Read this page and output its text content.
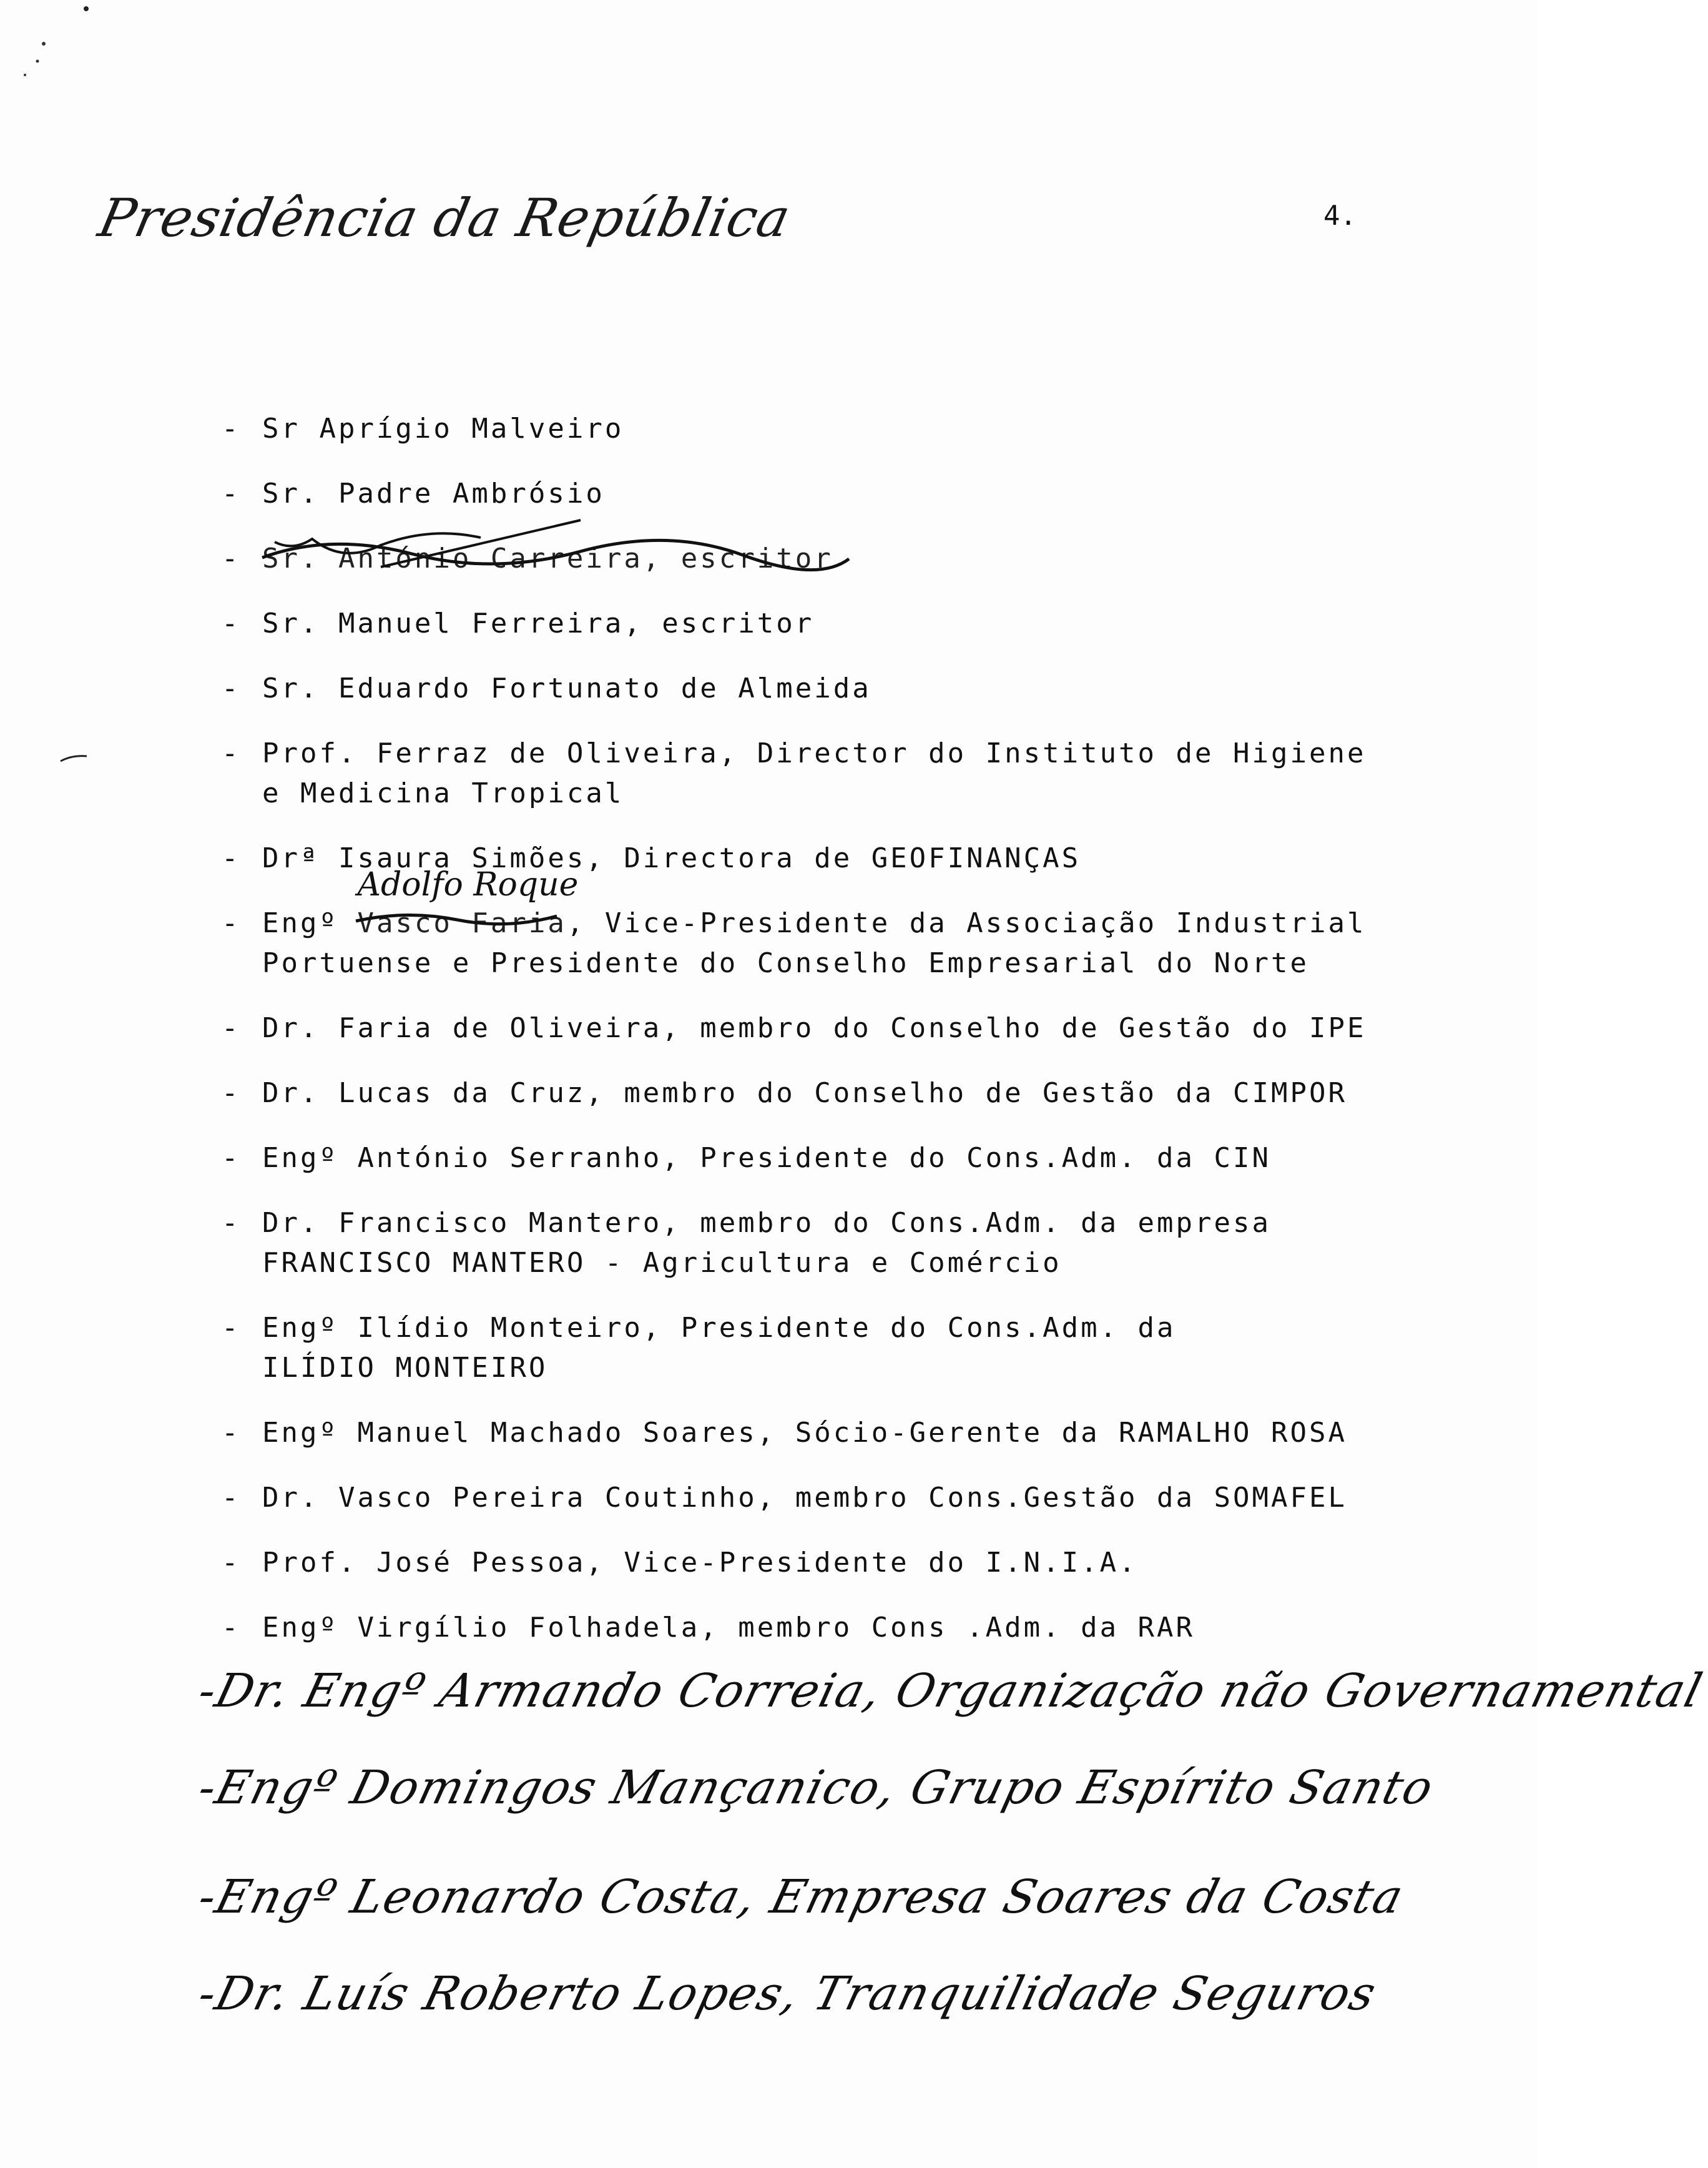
Presidência da República	4.
- Sr Aprígio Malveiro
- Sr. Padre Ambrósio
- Sr. António Carreira, escritor
- Sr. Manuel Ferreira, escritor
- Sr. Eduardo Fortunato de Almeida
- Prof. Ferraz de Oliveira, Director do Instituto de Higiene
e Medicina Tropical
- Drª Isaura Simões, Directora de GEOFINANÇAS
- Engº Vasco Faria
Adolfo Roque
, Vice-Presidente da Associação Industrial
Portuense e Presidente do Conselho Empresarial do Norte
- Dr. Faria de Oliveira, membro do Conselho de Gestão do IPE
- Dr. Lucas da Cruz, membro do Conselho de Gestão da CIMPOR
- Engº António Serranho, Presidente do Cons.Adm. da CIN
- Dr. Francisco Mantero, membro do Cons.Adm. da empresa
FRANCISCO MANTERO - Agricultura e Comércio
- Engº Ilídio Monteiro, Presidente do Cons.Adm. da
ILÍDIO MONTEIRO
- Engº Manuel Machado Soares, Sócio-Gerente da RAMALHO ROSA
- Dr. Vasco Pereira Coutinho, membro Cons.Gestão da SOMAFEL
- Prof. José Pessoa, Vice-Presidente do I.N.I.A.
- Engº Virgílio Folhadela, membro Cons .Adm. da RAR
-Dr. Engº Armando Correia, Organização não Governamental
-Engº Domingos Mançanico, Grupo Espírito Santo
-Engº Leonardo Costa, Empresa Soares da Costa
-Dr. Luís Roberto Lopes, Tranquilidade Seguros
